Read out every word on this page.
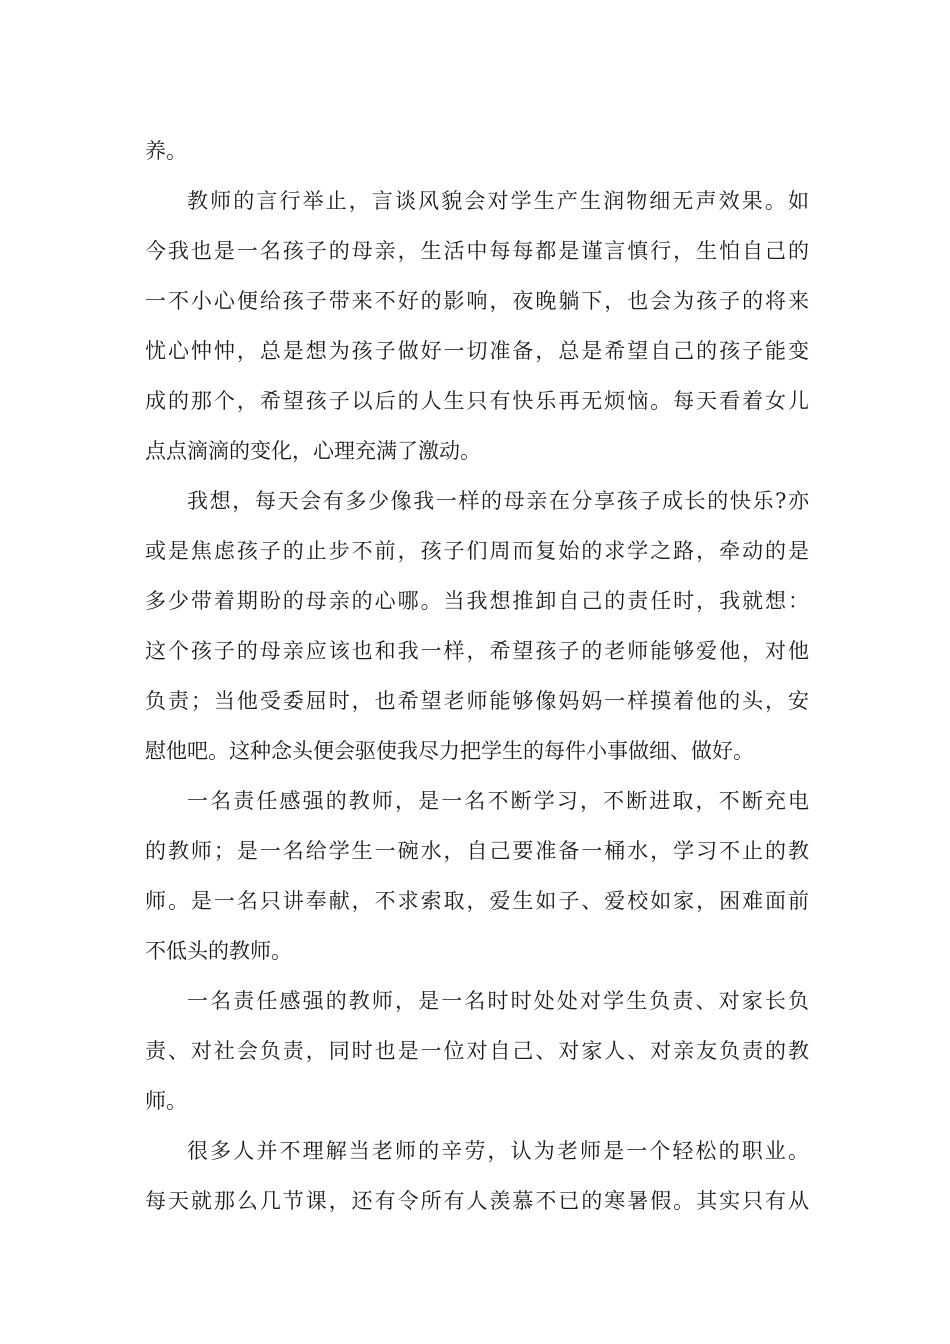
养。
教师的言行举止，言谈风貌会对学生产生润物细无声效果。如
今我也是一名孩子的母亲，生活中每每都是谨言慎行，生怕自己的
一不小心便给孩子带来不好的影响，夜晚躺下，也会为孩子的将来
忧心忡忡，总是想为孩子做好一切准备，总是希望自己的孩子能变
成的那个，希望孩子以后的人生只有快乐再无烦恼。每天看着女儿
点点滴滴的变化，心理充满了激动。
我想，每天会有多少像我一样的母亲在分享孩子成长的快乐?亦
或是焦虑孩子的止步不前，孩子们周而复始的求学之路，牵动的是
多少带着期盼的母亲的心哪。当我想推卸自己的责任时，我就想：
这个孩子的母亲应该也和我一样，希望孩子的老师能够爱他，对他
负责；当他受委屈时，也希望老师能够像妈妈一样摸着他的头，安
慰他吧。这种念头便会驱使我尽力把学生的每件小事做细、做好。
一名责任感强的教师，是一名不断学习，不断进取，不断充电
的教师；是一名给学生一碗水，自己要准备一桶水，学习不止的教
师。是一名只讲奉献，不求索取，爱生如子、爱校如家，困难面前
不低头的教师。
一名责任感强的教师，是一名时时处处对学生负责、对家长负
责、对社会负责，同时也是一位对自己、对家人、对亲友负责的教
师。
很多人并不理解当老师的辛劳，认为老师是一个轻松的职业。
每天就那么几节课，还有令所有人羡慕不已的寒暑假。其实只有从
